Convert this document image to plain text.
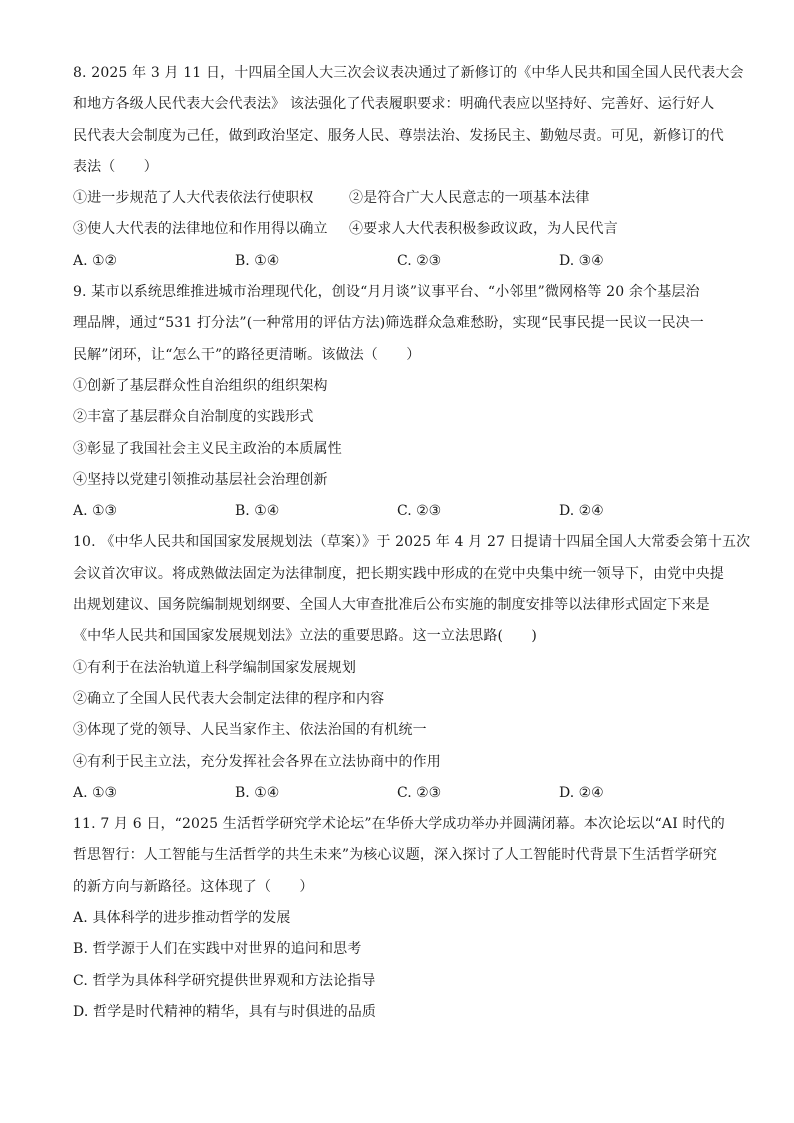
8. 2025 年 3 月 11 日，十四届全国人大三次会议表决通过了新修订的《中华人民共和国全国人民代表大会
和地方各级人民代表大会代表法》 该法强化了代表履职要求：明确代表应以坚持好、完善好、运行好人
民代表大会制度为己任，做到政治坚定、服务人民、尊崇法治、发扬民主、勤勉尽责。可见，新修订的代
表法（　　）
①进一步规范了人大代表依法行使职权	②是符合广大人民意志的一项基本法律
③使人大代表的法律地位和作用得以确立	④要求人大代表积极参政议政，为人民代言
A. ①②	B. ①④	C. ②③	D. ③④
9. 某市以系统思维推进城市治理现代化，创设“月月谈”议事平台、“小邻里”微网格等 20 余个基层治
理品牌，通过“531 打分法”(一种常用的评估方法)筛选群众急难愁盼，实现“民事民提一民议一民决一
民解”闭环，让“怎么干”的路径更清晰。该做法（　　）
①创新了基层群众性自治组织的组织架构
②丰富了基层群众自治制度的实践形式
③彰显了我国社会主义民主政治的本质属性
④坚持以党建引领推动基层社会治理创新
A. ①③	B. ①④	C. ②③	D. ②④
10. 《中华人民共和国国家发展规划法（草案）》于 2025 年 4 月 27 日提请十四届全国人大常委会第十五次
会议首次审议。将成熟做法固定为法律制度，把长期实践中形成的在党中央集中统一领导下，由党中央提
出规划建议、国务院编制规划纲要、全国人大审查批准后公布实施的制度安排等以法律形式固定下来是
《中华人民共和国国家发展规划法》立法的重要思路。这一立法思路(　　)
①有利于在法治轨道上科学编制国家发展规划
②确立了全国人民代表大会制定法律的程序和内容
③体现了党的领导、人民当家作主、依法治国的有机统一
④有利于民主立法，充分发挥社会各界在立法协商中的作用
A. ①③	B. ①④	C. ②③	D. ②④
11. 7 月 6 日，“2025 生活哲学研究学术论坛”在华侨大学成功举办并圆满闭幕。本次论坛以“AI 时代的
哲思智行：人工智能与生活哲学的共生未来”为核心议题，深入探讨了人工智能时代背景下生活哲学研究
的新方向与新路径。这体现了（　　）
A. 具体科学的进步推动哲学的发展
B. 哲学源于人们在实践中对世界的追问和思考
C. 哲学为具体科学研究提供世界观和方法论指导
D. 哲学是时代精神的精华，具有与时俱进的品质
